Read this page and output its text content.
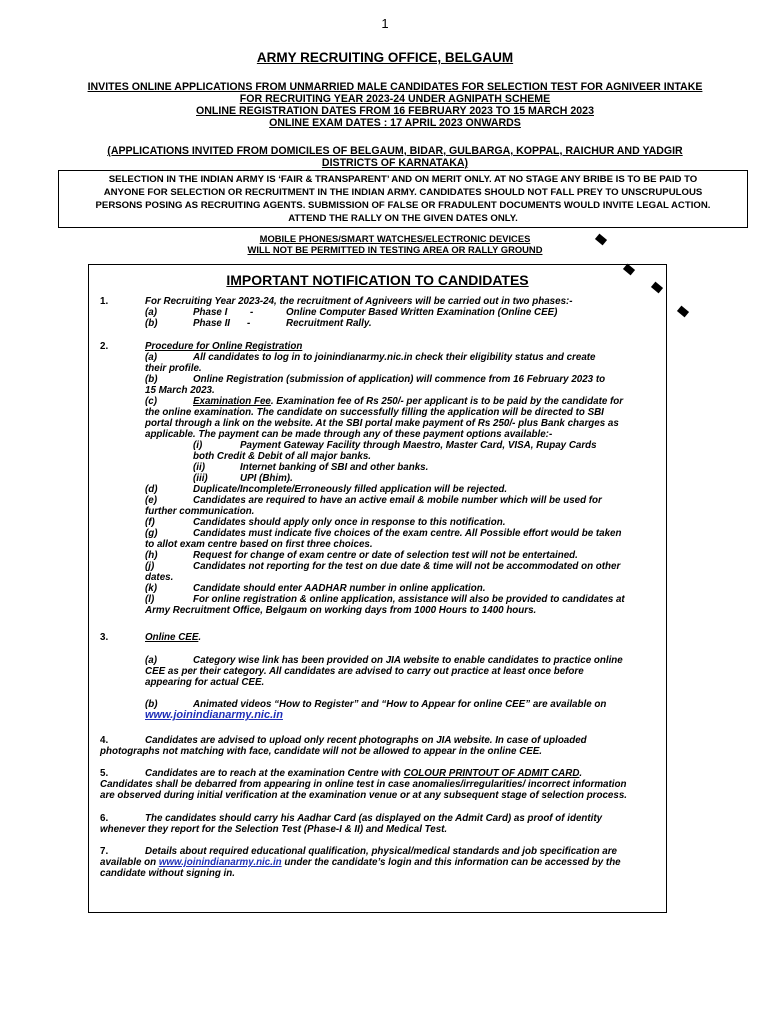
1
ARMY RECRUITING OFFICE, BELGAUM
INVITES ONLINE APPLICATIONS FROM UNMARRIED MALE CANDIDATES FOR SELECTION TEST FOR AGNIVEER INTAKE
FOR RECRUITING YEAR 2023-24 UNDER AGNIPATH SCHEME
ONLINE REGISTRATION DATES FROM 16 FEBRUARY 2023 TO 15 MARCH 2023
ONLINE EXAM DATES : 17 APRIL 2023 ONWARDS
(APPLICATIONS INVITED FROM DOMICILES OF BELGAUM, BIDAR, GULBARGA, KOPPAL, RAICHUR AND YADGIR
DISTRICTS OF KARNATAKA)
SELECTION IN THE INDIAN ARMY IS ‘FAIR & TRANSPARENT’ AND ON MERIT ONLY. AT NO STAGE ANY BRIBE IS TO BE PAID TO
ANYONE FOR SELECTION OR RECRUITMENT IN THE INDIAN ARMY. CANDIDATES SHOULD NOT FALL PREY TO UNSCRUPULOUS
PERSONS POSING AS RECRUITING AGENTS. SUBMISSION OF FALSE OR FRADULENT DOCUMENTS WOULD INVITE LEGAL ACTION.
ATTEND THE RALLY ON THE GIVEN DATES ONLY.
MOBILE PHONES/SMART WATCHES/ELECTRONIC DEVICES
WILL NOT BE PERMITTED IN TESTING AREA OR RALLY GROUND
IMPORTANT NOTIFICATION TO CANDIDATES
1.	For Recruiting Year 2023-24, the recruitment of Agniveers will be carried out in two phases:-
(a)	Phase I -	Online Computer Based Written Examination (Online CEE)
(b)	Phase II -	Recruitment Rally.
2.	Procedure for Online Registration
(a)	All candidates to log in to joinindianarmy.nic.in check their eligibility status and create
their profile.
(b)	Online Registration (submission of application) will commence from 16 February 2023 to
15 March 2023.
(c)	Examination Fee. Examination fee of Rs 250/- per applicant is to be paid by the candidate for
the online examination. The candidate on successfully filling the application will be directed to SBI
portal through a link on the website. At the SBI portal make payment of Rs 250/- plus Bank charges as
applicable. The payment can be made through any of these payment options available:-
(i)	Payment Gateway Facility through Maestro, Master Card, VISA, Rupay Cards
both Credit & Debit of all major banks.
(ii)	Internet banking of SBI and other banks.
(iii)	UPI (Bhim).
(d)	Duplicate/Incomplete/Erroneously filled application will be rejected.
(e)	Candidates are required to have an active email & mobile number which will be used for
further communication.
(f)	Candidates should apply only once in response to this notification.
(g)	Candidates must indicate five choices of the exam centre. All Possible effort would be taken
to allot exam centre based on first three choices.
(h)	Request for change of exam centre or date of selection test will not be entertained.
(j)	Candidates not reporting for the test on due date & time will not be accommodated on other
dates.
(k)	Candidate should enter AADHAR number in online application.
(l)	For online registration & online application, assistance will also be provided to candidates at
Army Recruitment Office, Belgaum on working days from 1000 Hours to 1400 hours.
3.	Online CEE.
(a)	Category wise link has been provided on JIA website to enable candidates to practice online
CEE as per their category. All candidates are advised to carry out practice at least once before
appearing for actual CEE.
(b)	Animated videos “How to Register” and “How to Appear for online CEE” are available on
www.joinindianarmy.nic.in
4.	Candidates are advised to upload only recent photographs on JIA website. In case of uploaded
photographs not matching with face, candidate will not be allowed to appear in the online CEE.
5.	Candidates are to reach at the examination Centre with COLOUR PRINTOUT OF ADMIT CARD.
Candidates shall be debarred from appearing in online test in case anomalies/irregularities/ incorrect information
are observed during initial verification at the examination venue or at any subsequent stage of selection process.
6.	The candidates should carry his Aadhar Card (as displayed on the Admit Card) as proof of identity
whenever they report for the Selection Test (Phase-I & II) and Medical Test.
7.	Details about required educational qualification, physical/medical standards and job specification are
available on www.joinindianarmy.nic.in under the candidate’s login and this information can be accessed by the
candidate without signing in.
